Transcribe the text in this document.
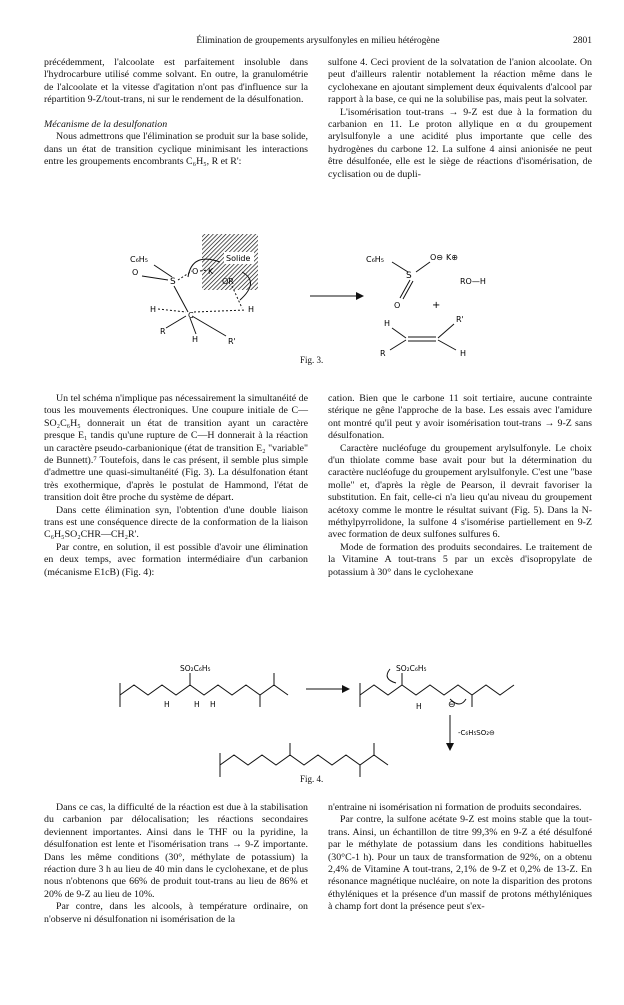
Élimination de groupements arysulfonyles en milieu hétérogène	2801

précédemment, l'alcoolate est parfaitement insoluble dans l'hydrocarbure utilisé comme solvant. En outre, la granulométrie de l'alcoolate et la vitesse d'agitation n'ont pas d'influence sur la répartition 9-Z/tout-trans, ni sur le rendement de la désulfonation.

Mécanisme de la desulfonation

Nous admettrons que l'élimination se produit sur la base solide, dans un état de transition cyclique minimisant les interactions entre les groupements encombrants C₆H₅, R et R':

sulfone 4. Ceci provient de la solvatation de l'anion alcoolate. On peut d'ailleurs ralentir notablement la réaction même dans le cyclohexane en ajoutant simplement deux équivalents d'alcool par rapport à la base, ce qui ne la solubilise pas, mais peut la solvater.

L'isomérisation tout-trans → 9-Z est due à la formation du carbanion en 11. Le proton allylique en α du groupement arylsulfonyle a une acidité plus importante que celle des hydrogènes du carbone 12. La sulfone 4 ainsi anionisée ne peut être désulfonée, elle est le siège de réactions d'isomérisation, de cyclisation ou de dupli-

Solide
C₆H₅
O
S
O K
OR
H
C
H
R
H	R'
C₆H₅
S
O⊖ K⊕
O
RO—H
+
H	R'
R	H
Fig. 3.

Un tel schéma n'implique pas nécessairement la simultanéité de tous les mouvements électroniques. Une coupure initiale de C—SO₂C₆H₅ donnerait un état de transition ayant un caractère presque E₁ tandis qu'une rupture de C—H donnerait à la réaction un caractère pseudo-carbanionique (état de transition E₂ "variable" de Bunnett).⁷ Toutefois, dans le cas présent, il semble plus simple d'admettre une quasi-simultanéité (Fig. 3). La désulfonation étant très exothermique, d'après le postulat de Hammond, l'état de transition doit être proche du système de départ.

Dans cette élimination syn, l'obtention d'une double liaison trans est une conséquence directe de la conformation de la liaison C₆H₅SO₂CHR—CH₂R'.

Par contre, en solution, il est possible d'avoir une élimination en deux temps, avec formation intermédiaire d'un carbanion (mécanisme E1cB) (Fig. 4):

cation. Bien que le carbone 11 soit tertiaire, aucune contrainte stérique ne gêne l'approche de la base. Les essais avec l'amidure ont montré qu'il peut y avoir isomérisation tout-trans → 9-Z sans désulfonation.

Caractère nucléofuge du groupement arylsulfonyle. Le choix d'un thiolate comme base avait pour but la détermination du caractère nucléofuge du groupement arylsulfonyle. C'est une "base molle" et, d'après la règle de Pearson, il devrait favoriser la substitution. En fait, celle-ci n'a lieu qu'au niveau du groupement acétoxy comme le montre le résultat suivant (Fig. 5). Dans la N-méthylpyrrolidone, la sulfone 4 s'isomérise partiellement en 9-Z avec formation de deux sulfones sulfures 6.

Mode de formation des produits secondaires. Le traitement de la Vitamine A tout-trans 5 par un excès d'isopropylate de potassium à 30° dans le cyclohexane

SO₂C₆H₅
H	H H
SO₂C₆H₅
H	⊖
-C₆H₅SO₂⊖
Fig. 4.

Dans ce cas, la difficulté de la réaction est due à la stabilisation du carbanion par délocalisation; les réactions secondaires deviennent importantes. Ainsi dans le THF ou la pyridine, la désulfonation est lente et l'isomérisation trans → 9-Z importante. Dans les même conditions (30°, méthylate de potassium) la réaction dure 3 h au lieu de 40 min dans le cyclohexane, et de plus nous n'obtenons que 66% de produit tout-trans au lieu de 86% et 20% de 9-Z au lieu de 10%.

Par contre, dans les alcools, à température ordinaire, on n'observe ni désulfonation ni isomérisation de la

n'entraine ni isomérisation ni formation de produits secondaires.

Par contre, la sulfone acétate 9-Z est moins stable que la tout-trans. Ainsi, un échantillon de titre 99,3% en 9-Z a été désulfoné par le méthylate de potassium dans les conditions habituelles (30°C-1 h). Pour un taux de transformation de 92%, on a obtenu 2,4% de Vitamine A tout-trans, 2,1% de 9-Z et 0,2% de 13-Z. En résonance magnétique nucléaire, on note la disparition des protons éthyléniques et la présence d'un massif de protons méthyléniques à champ fort dont la présence peut s'ex-
